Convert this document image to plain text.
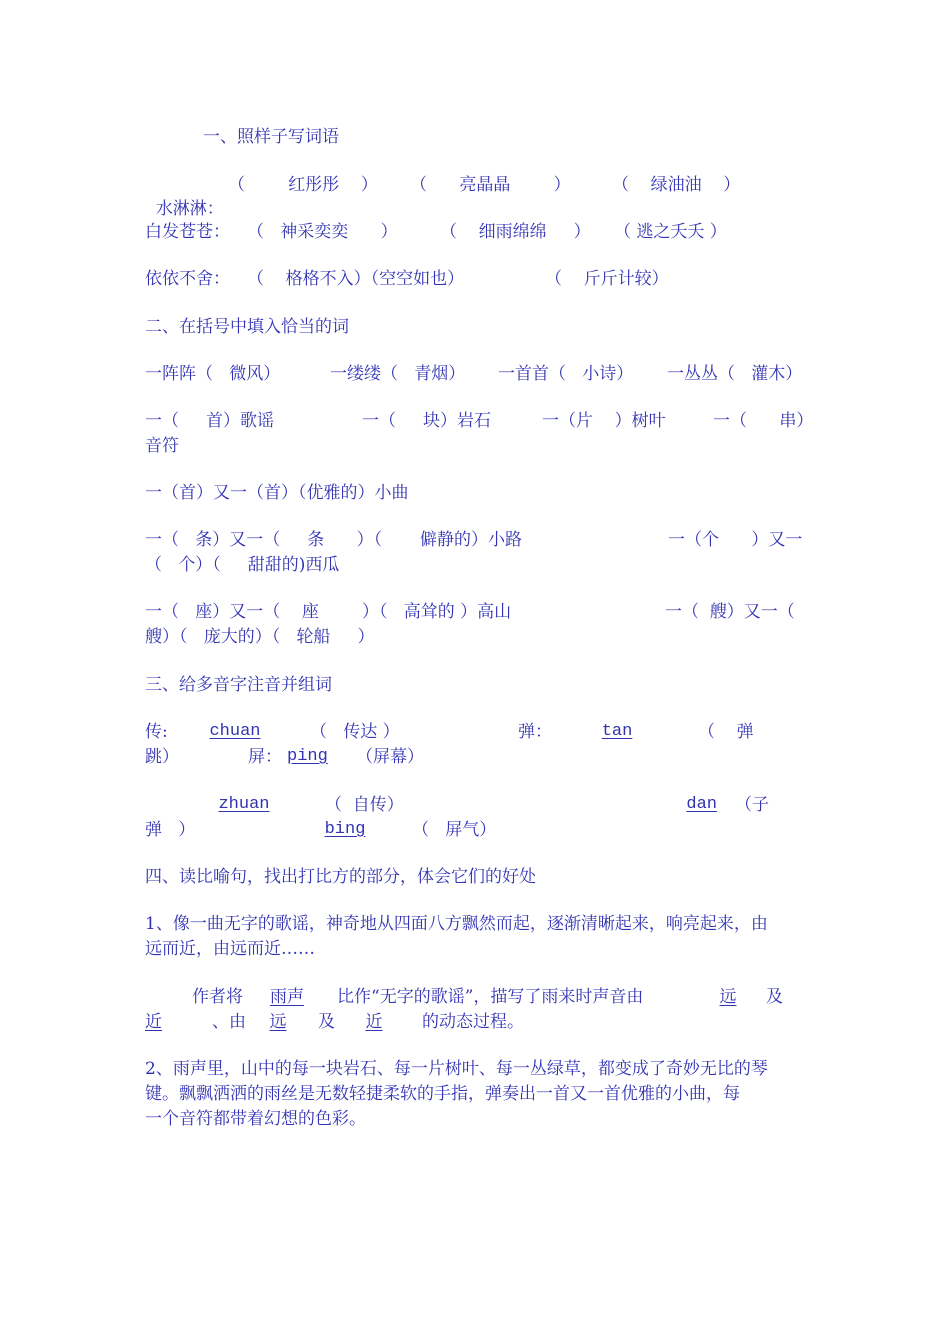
一、照样子写词语

水淋淋：

（        红彤彤    ） （      亮晶晶        ） （    绿油油    ）
白发苍苍： （   神采奕奕      ） （    细雨绵绵     ） （ 逃之夭夭 ）
依依不舍： （    格格不入）（空空如也）	（    斤斤计较）
二、在括号中填入恰当的词
一阵阵（   微风）	一缕缕（   青烟） 一首首（   小诗） 一丛丛（   灌木）
一（     首）歌谣	一（     块）岩石	一（片    ）树叶	一（      串）
音符
一（首）又一（首）（优雅的）小曲
一（   条）又一（     条      ）（       僻静的）小路	一（个      ）又一
（   个）（     甜甜的)西瓜
一（   座）又一（    座        ）（   高耸的 ）高山	一（  艘）又一（
艘）（   庞大的）（   轮船     ）
三、给多音字注音并组词
传:	chuan	（   传达 ）	弹：	tan	（    弹
跳）	屏： ping	（屏幕）
zhuan	（  自传）	dan （子
弹   ）	bing	（   屏气）
四、读比喻句，找出打比方的部分，体会它们的好处
1、像一曲无字的歌谣，神奇地从四面八方飘然而起，逐渐清晰起来，响亮起来，由
远而近，由远而近……
作者将	雨声	比作“无字的歌谣”，描写了雨来时声音由	远	及
近	、由	远	及	近	的动态过程。
2、雨声里，山中的每一块岩石、每一片树叶、每一丛绿草，都变成了奇妙无比的琴
键。飘飘洒洒的雨丝是无数轻捷柔软的手指，弹奏出一首又一首优雅的小曲，每
一个音符都带着幻想的色彩。
